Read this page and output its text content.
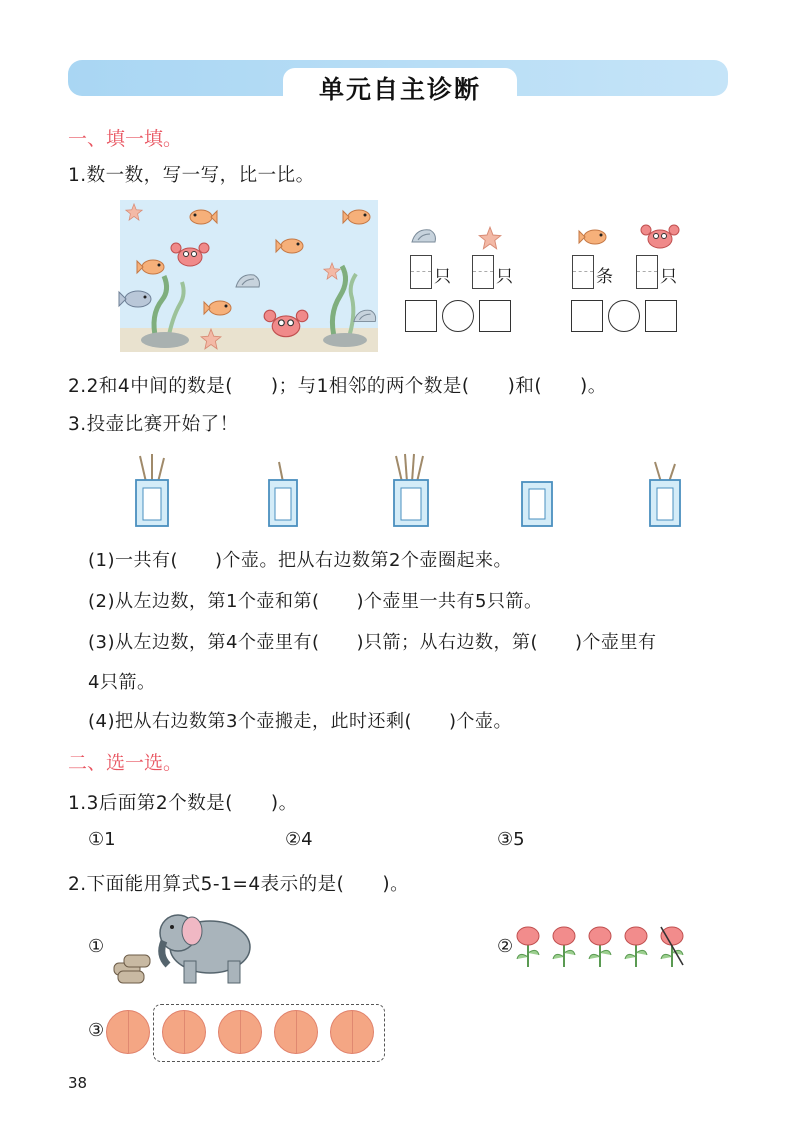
单元自主诊断
一、填一填。
1.数一数，写一写，比一比。
只	只	条	只
2.2和4中间的数是(　　)；与1相邻的两个数是(　　)和(　　)。
3.投壶比赛开始了！
(1)一共有(　　)个壶。把从右边数第2个壶圈起来。
(2)从左边数，第1个壶和第(　　)个壶里一共有5只箭。
(3)从左边数，第4个壶里有(　　)只箭；从右边数，第(　　)个壶里有
4只箭。
(4)把从右边数第3个壶搬走，此时还剩(　　)个壶。
二、选一选。
1.3后面第2个数是(　　)。
①1	②4	③5
2.下面能用算式5-1=4表示的是(　　)。
①	②
③
38
